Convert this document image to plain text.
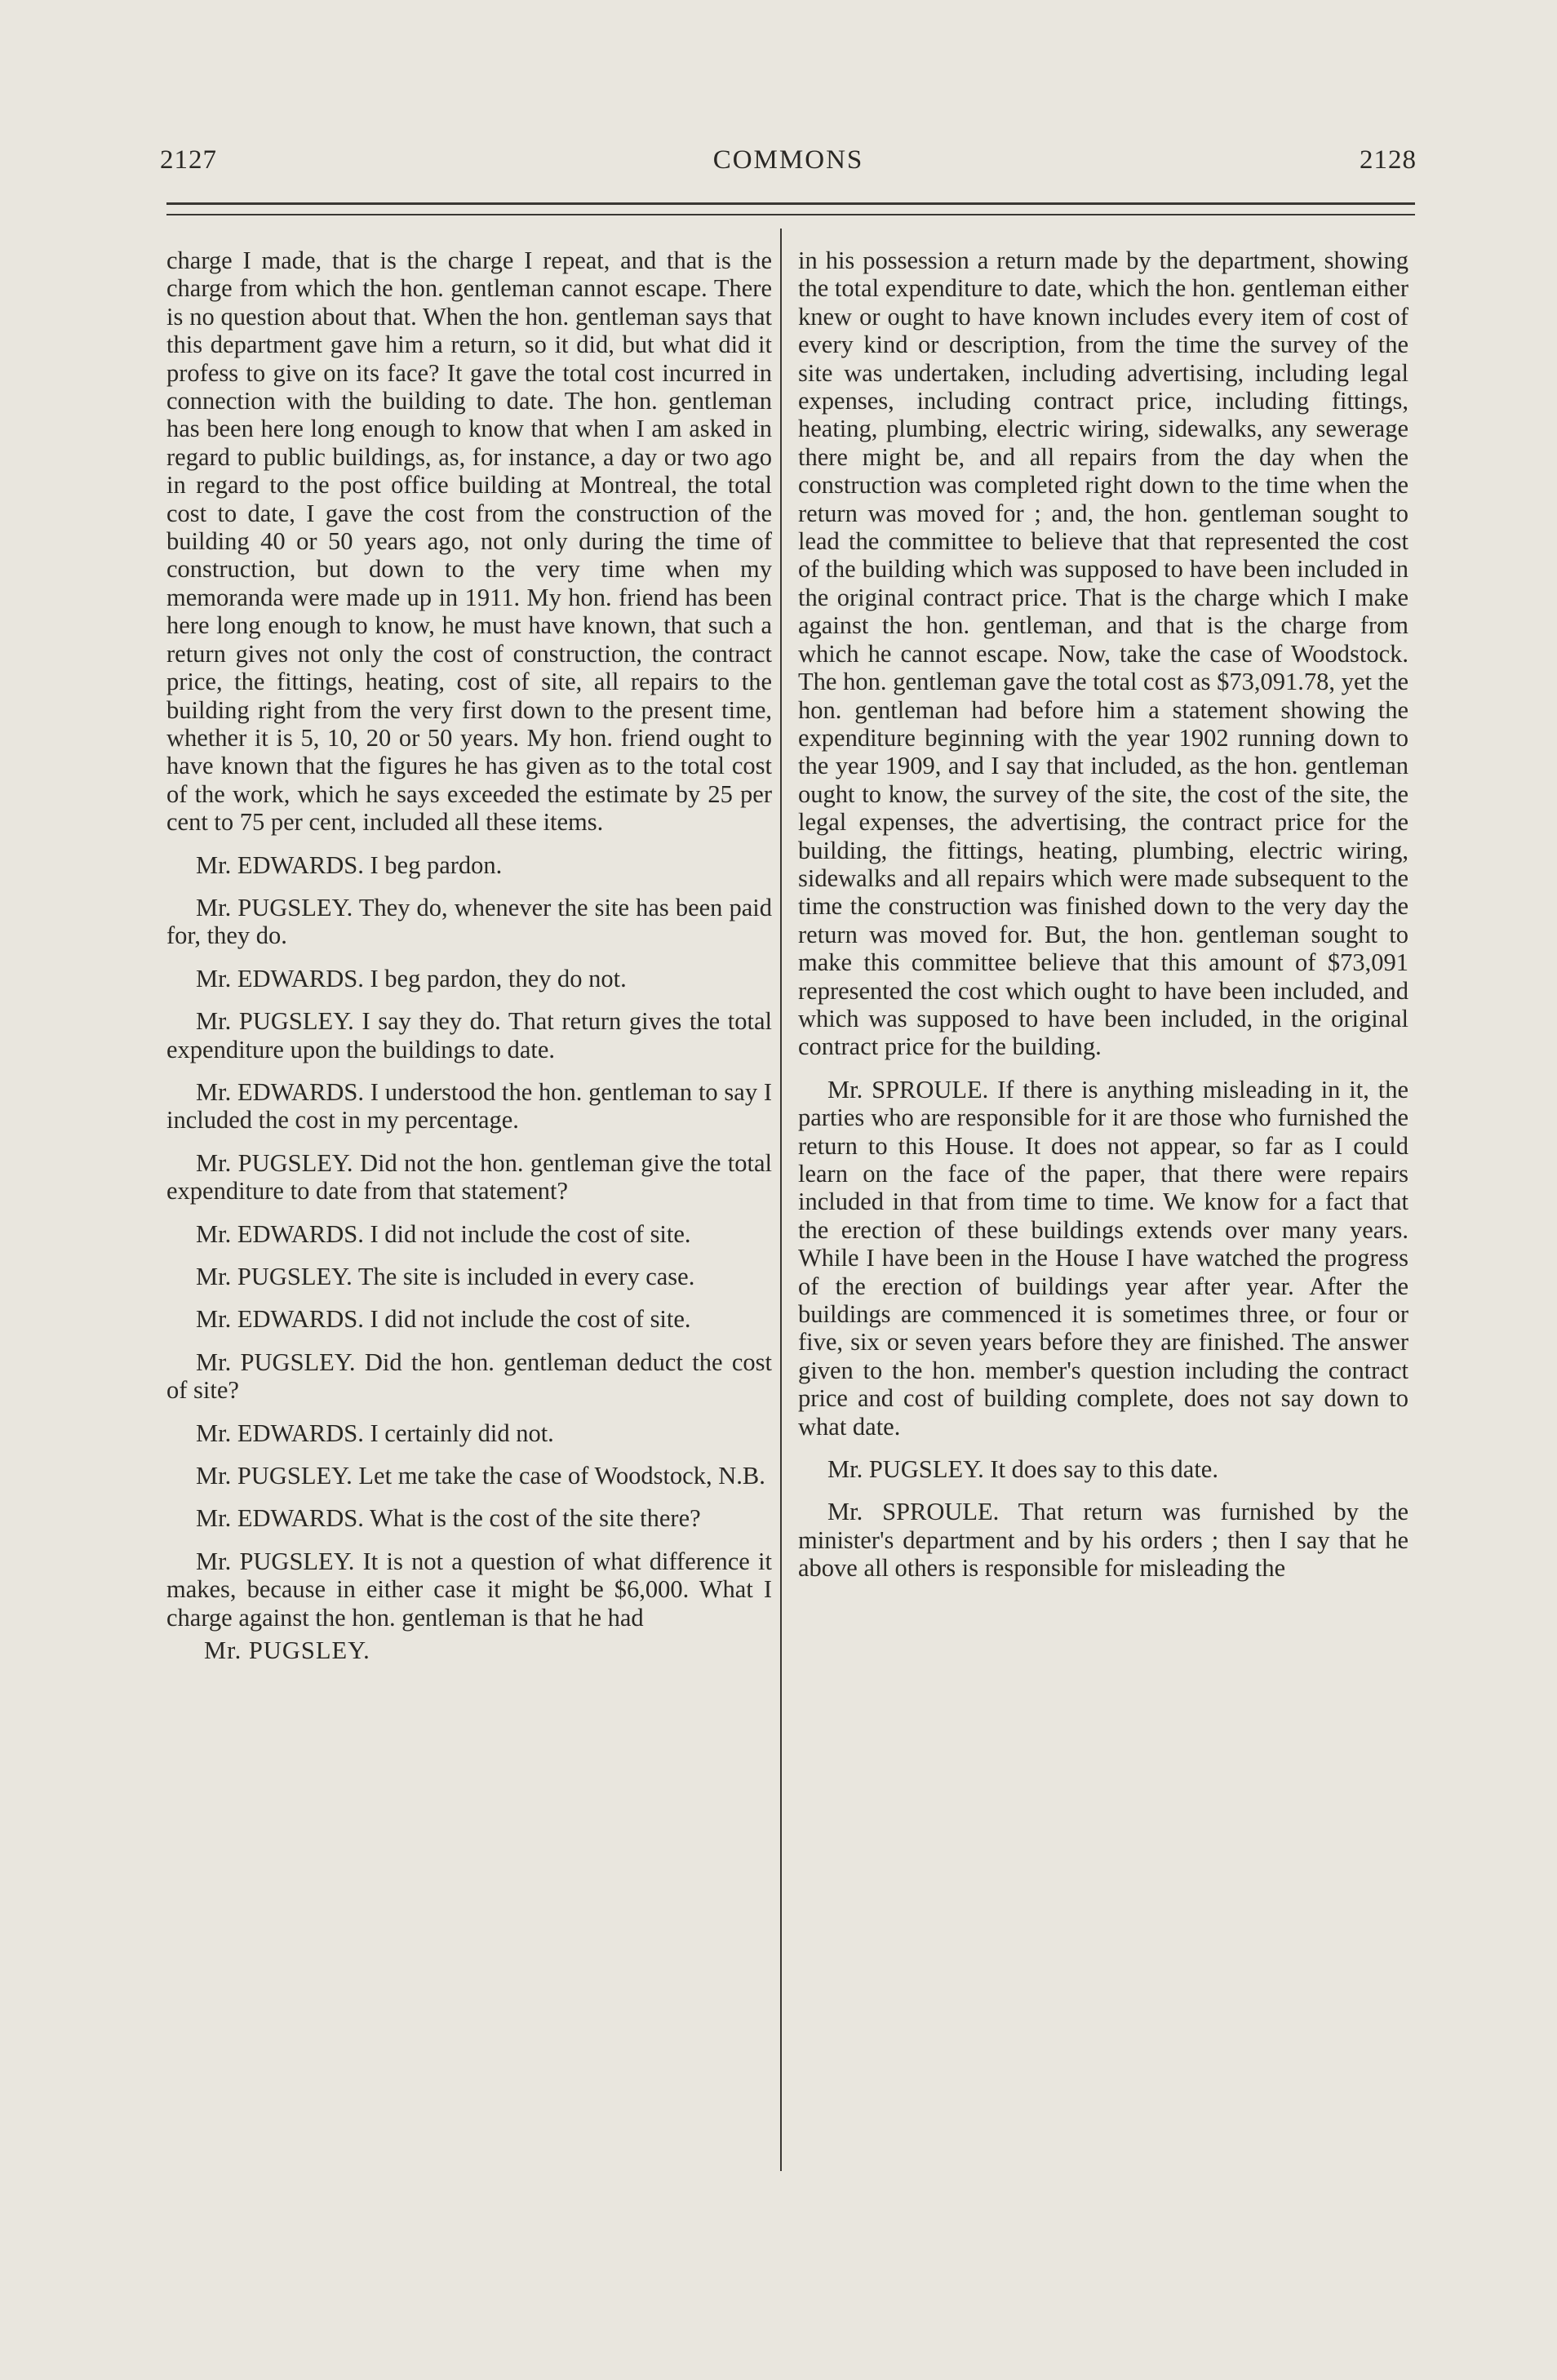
2127	COMMONS	2128

charge I made, that is the charge I repeat, and that is the charge from which the hon. gentleman cannot escape. There is no question about that. When the hon. gentleman says that this department gave him a return, so it did, but what did it profess to give on its face? It gave the total cost incurred in connection with the building to date. The hon. gentleman has been here long enough to know that when I am asked in regard to public buildings, as, for instance, a day or two ago in regard to the post office building at Montreal, the total cost to date, I gave the cost from the construction of the building 40 or 50 years ago, not only during the time of construction, but down to the very time when my memoranda were made up in 1911. My hon. friend has been here long enough to know, he must have known, that such a return gives not only the cost of construction, the contract price, the fittings, heating, cost of site, all repairs to the building right from the very first down to the present time, whether it is 5, 10, 20 or 50 years. My hon. friend ought to have known that the figures he has given as to the total cost of the work, which he says exceeded the estimate by 25 per cent to 75 per cent, included all these items.

Mr. EDWARDS. I beg pardon.

Mr. PUGSLEY. They do, whenever the site has been paid for, they do.

Mr. EDWARDS. I beg pardon, they do not.

Mr. PUGSLEY. I say they do. That return gives the total expenditure upon the buildings to date.

Mr. EDWARDS. I understood the hon. gentleman to say I included the cost in my percentage.

Mr. PUGSLEY. Did not the hon. gentleman give the total expenditure to date from that statement?

Mr. EDWARDS. I did not include the cost of site.

Mr. PUGSLEY. The site is included in every case.

Mr. EDWARDS. I did not include the cost of site.

Mr. PUGSLEY. Did the hon. gentleman deduct the cost of site?

Mr. EDWARDS. I certainly did not.

Mr. PUGSLEY. Let me take the case of Woodstock, N.B.

Mr. EDWARDS. What is the cost of the site there?

Mr. PUGSLEY. It is not a question of what difference it makes, because in either case it might be $6,000. What I charge against the hon. gentleman is that he had

Mr. PUGSLEY.

in his possession a return made by the department, showing the total expenditure to date, which the hon. gentleman either knew or ought to have known includes every item of cost of every kind or description, from the time the survey of the site was undertaken, including advertising, including legal expenses, including contract price, including fittings, heating, plumbing, electric wiring, sidewalks, any sewerage there might be, and all repairs from the day when the construction was completed right down to the time when the return was moved for ; and, the hon. gentleman sought to lead the committee to believe that that represented the cost of the building which was supposed to have been included in the original contract price. That is the charge which I make against the hon. gentleman, and that is the charge from which he cannot escape. Now, take the case of Woodstock. The hon. gentleman gave the total cost as $73,091.78, yet the hon. gentleman had before him a statement showing the expenditure beginning with the year 1902 running down to the year 1909, and I say that included, as the hon. gentleman ought to know, the survey of the site, the cost of the site, the legal expenses, the advertising, the contract price for the building, the fittings, heating, plumbing, electric wiring, sidewalks and all repairs which were made subsequent to the time the construction was finished down to the very day the return was moved for. But, the hon. gentleman sought to make this committee believe that this amount of $73,091 represented the cost which ought to have been included, and which was supposed to have been included, in the original contract price for the building.

Mr. SPROULE. If there is anything misleading in it, the parties who are responsible for it are those who furnished the return to this House. It does not appear, so far as I could learn on the face of the paper, that there were repairs included in that from time to time. We know for a fact that the erection of these buildings extends over many years. While I have been in the House I have watched the progress of the erection of buildings year after year. After the buildings are commenced it is sometimes three, or four or five, six or seven years before they are finished. The answer given to the hon. member's question including the contract price and cost of building complete, does not say down to what date.

Mr. PUGSLEY. It does say to this date.

Mr. SPROULE. That return was furnished by the minister's department and by his orders ; then I say that he above all others is responsible for misleading the
